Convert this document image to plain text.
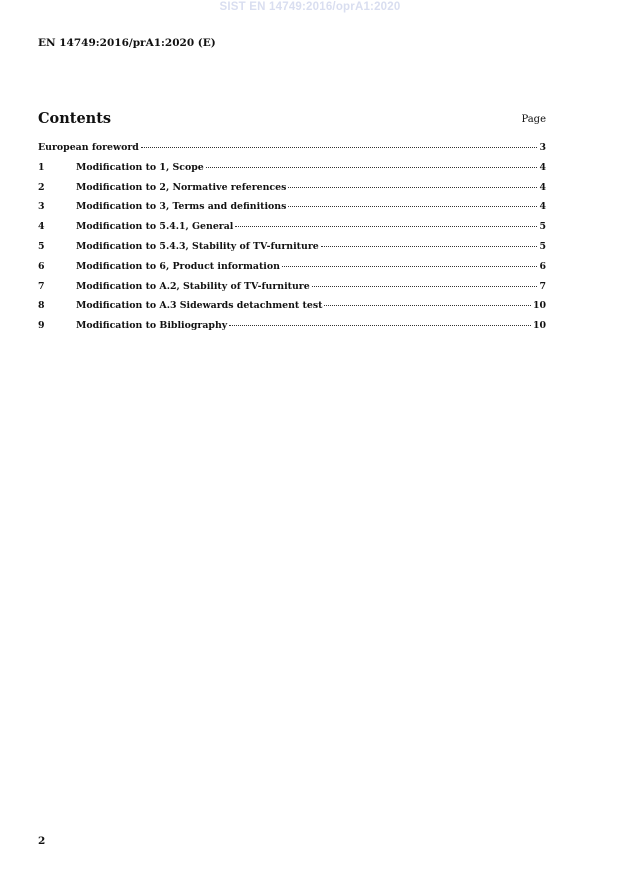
SIST EN 14749:2016/oprA1:2020
EN 14749:2016/prA1:2020 (E)
Contents	Page
European foreword	3
1	Modification to 1, Scope	4
2	Modification to 2, Normative references	4
3	Modification to 3, Terms and definitions	4
4	Modification to 5.4.1, General	5
5	Modification to 5.4.3, Stability of TV-furniture	5
6	Modification to 6, Product information	6
7	Modification to A.2, Stability of TV-furniture	7
8	Modification to A.3 Sidewards detachment test	10
9	Modification to Bibliography	10
2
